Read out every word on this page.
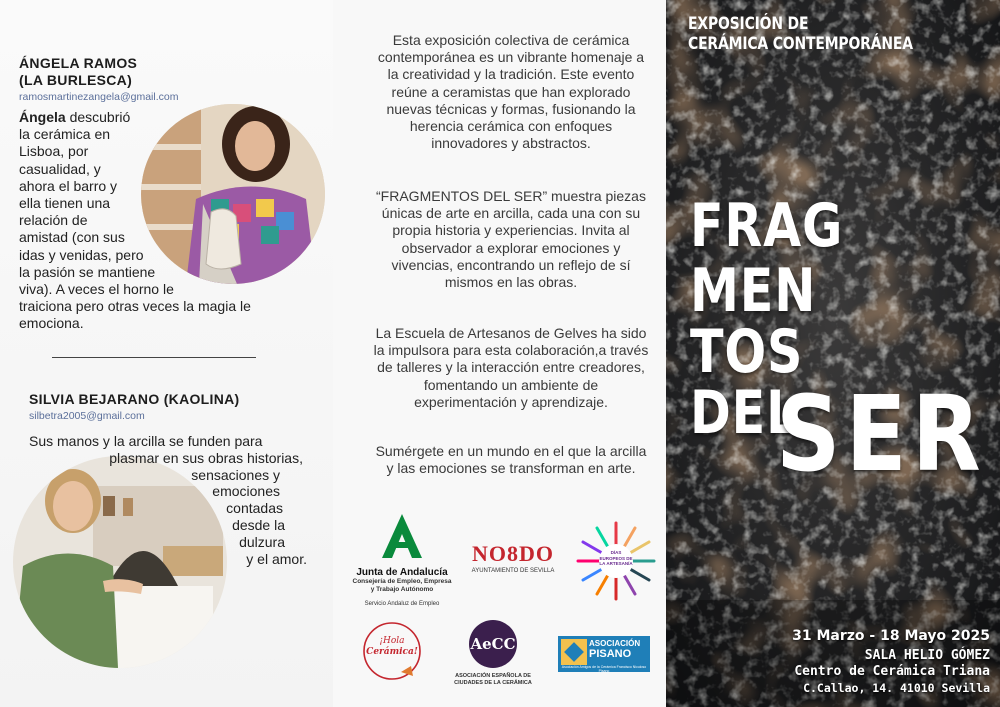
ÁNGELA RAMOS
(LA BURLESCA)
ramosmartinezangela@gmail.com
Ángela descubrió
la cerámica en
Lisboa, por
casualidad, y
ahora el barro y
ella tienen una
relación de
amistad (con sus
idas y venidas, pero
la pasión se mantiene
viva). A veces el horno le
traiciona pero otras veces la magia le
emociona.
SILVIA BEJARANO (KAOLINA)
silbetra2005@gmail.com
Sus manos y la arcilla se funden para
plasmar en sus obras historias,
sensaciones y
emociones
contadas
desde la
dulzura
y el amor.

Esta exposición colectiva de cerámica contemporánea es un vibrante homenaje a la creatividad y la tradición. Este evento reúne a ceramistas que han explorado nuevas técnicas y formas, fusionando la herencia cerámica con enfoques innovadores y abstractos.

“FRAGMENTOS DEL SER” muestra piezas únicas de arte en arcilla, cada una con su propia historia y experiencias. Invita al observador a explorar emociones y vivencias, encontrando un reflejo de sí mismos en las obras.

La Escuela de Artesanos de Gelves ha sido la impulsora para esta colaboración,a través de talleres y la interacción entre creadores, fomentando un ambiente de experimentación y aprendizaje.

Sumérgete en un mundo en el que la arcilla y las emociones se transforman en arte.

Junta de Andalucía
Consejería de Empleo, Empresa
y Trabajo Autónomo
Servicio Andaluz de Empleo
NO8DO
AYUNTAMIENTO DE SEVILLA
DÍAS EUROPEOS DE LA ARTESANÍA
¡Hola
Cerámica!	AeCC
ASOCIACIÓN ESPAÑOLA DE
CIUDADES DE LA CERÁMICA
ASOCIACIÓN
PISANO
Asociación Amigos de la Cerámica Francisco Niculoso Pisano
EXPOSICIÓN DE
CERÁMICA CONTEMPORÁNEA
FRAG
MEN
TOS
DEL
SER
31 Marzo - 18 Mayo 2025
SALA HELIO GÓMEZ
Centro de Cerámica Triana
C.Callao, 14. 41010 Sevilla
